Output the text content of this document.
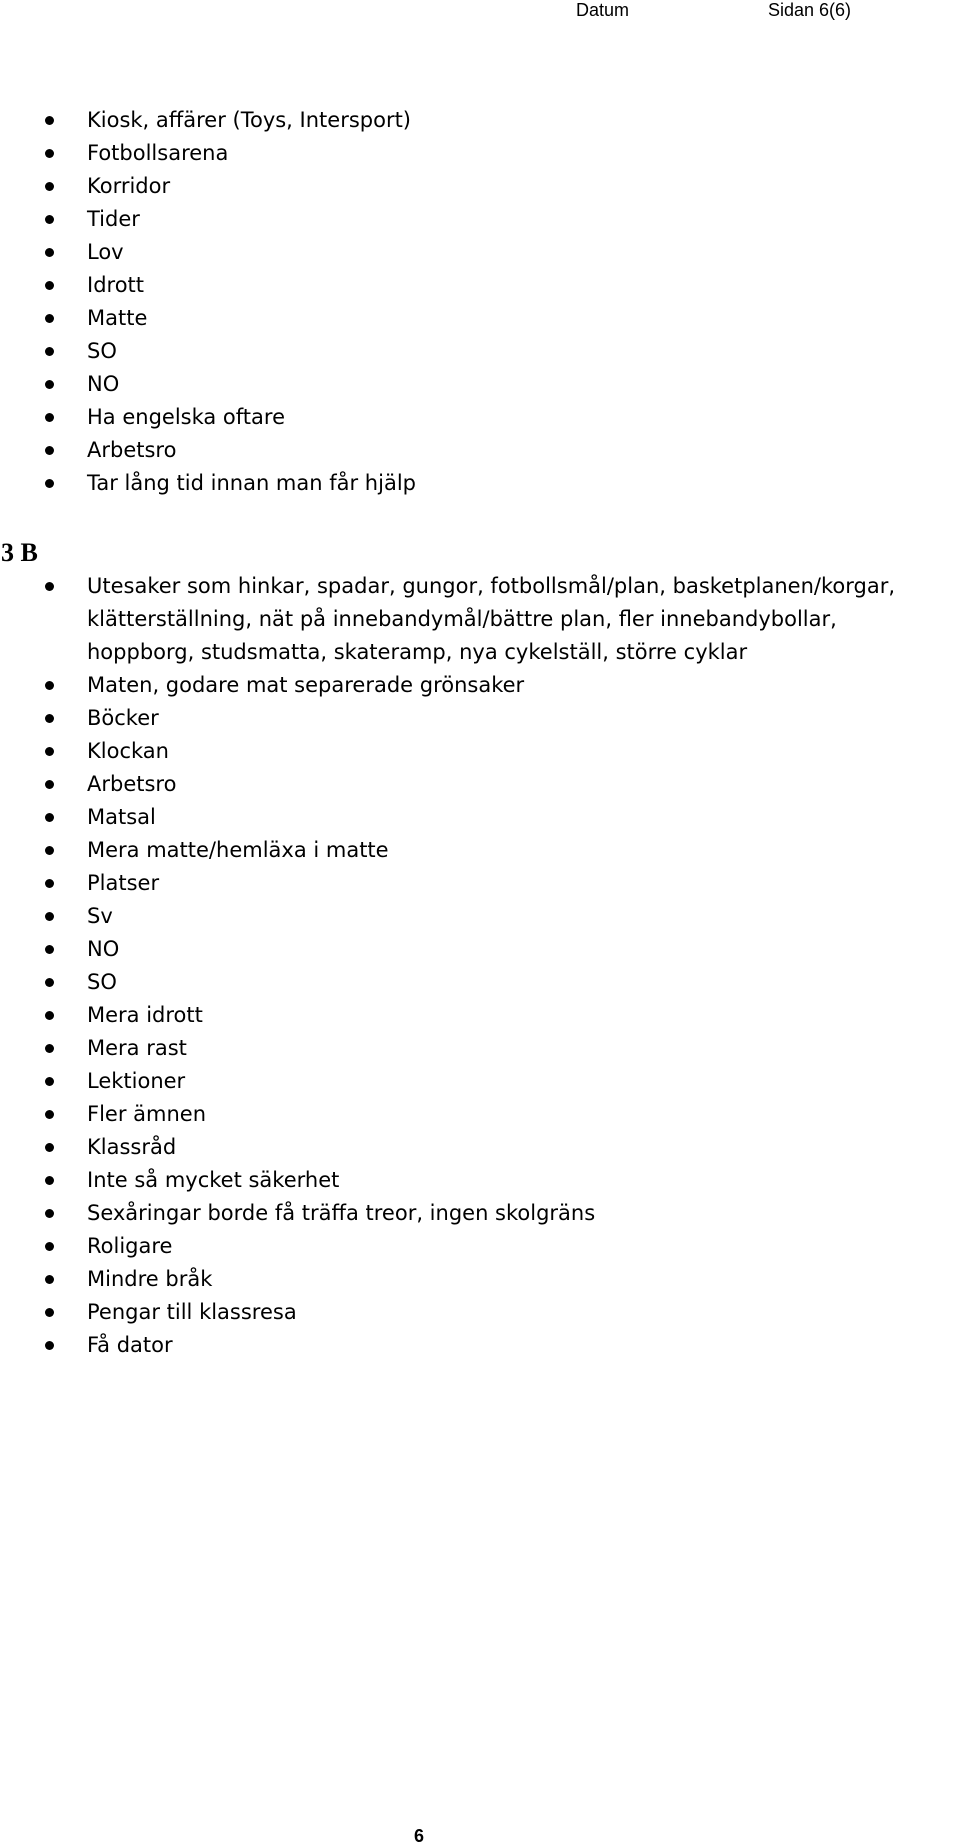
Datum	Sidan 6(6)
Kiosk, affärer (Toys, Intersport)
Fotbollsarena
Korridor
Tider
Lov
Idrott
Matte
SO
NO
Ha engelska oftare
Arbetsro
Tar lång tid innan man får hjälp
3 B
Utesaker som hinkar, spadar, gungor, fotbollsmål/plan, basketplanen/korgar, klätterställning, nät på innebandymål/bättre plan, fler innebandybollar, hoppborg, studsmatta, skateramp, nya cykelställ, större cyklar
Maten, godare mat separerade grönsaker
Böcker
Klockan
Arbetsro
Matsal
Mera matte/hemläxa i matte
Platser
Sv
NO
SO
Mera idrott
Mera rast
Lektioner
Fler ämnen
Klassråd
Inte så mycket säkerhet
Sexåringar borde få träffa treor, ingen skolgräns
Roligare
Mindre bråk
Pengar till klassresa
Få dator
6
